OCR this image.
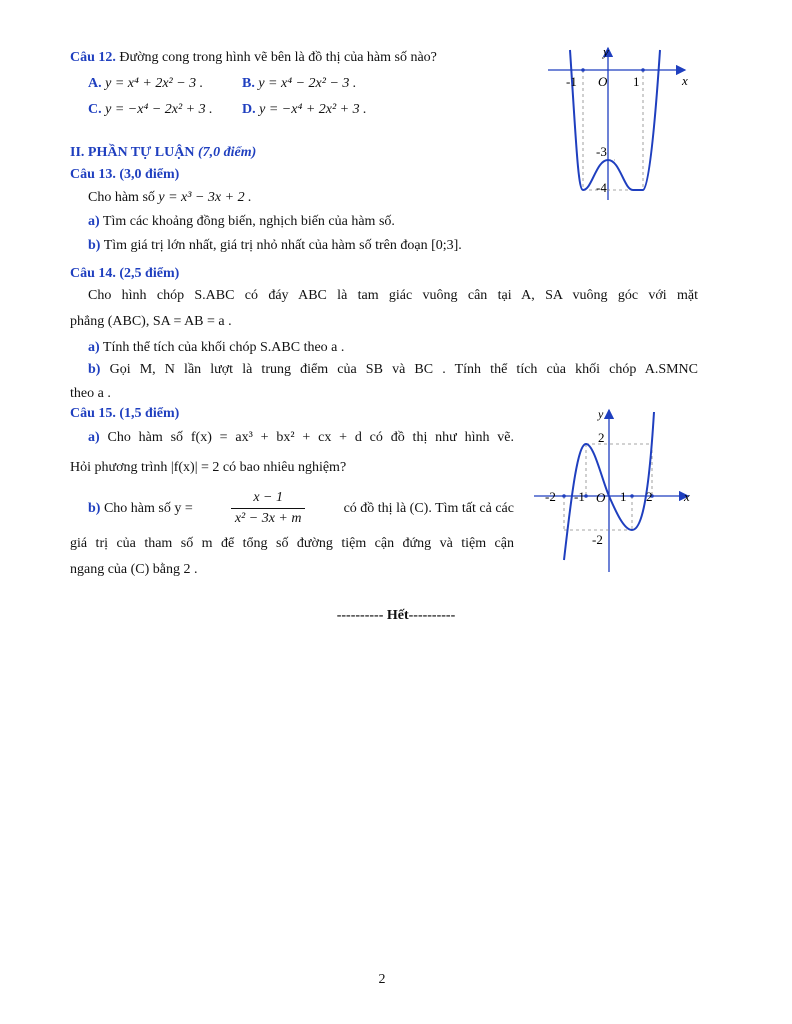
Câu 12. Đường cong trong hình vẽ bên là đồ thị của hàm số nào?
A. y = x⁴ + 2x² − 3 .	B. y = x⁴ − 2x² − 3 .
C. y = −x⁴ − 2x² + 3 . D. y = −x⁴ + 2x² + 3 .
y
x
O
-1	1
-3
-4
II. PHẦN TỰ LUẬN (7,0 điểm)
Câu 13. (3,0 điểm)
Cho hàm số y = x³ − 3x + 2 .
a) Tìm các khoảng đồng biến, nghịch biến của hàm số.
b) Tìm giá trị lớn nhất, giá trị nhỏ nhất của hàm số trên đoạn [0;3].
Câu 14. (2,5 điểm)
Cho hình chóp S.ABC có đáy ABC là tam giác vuông cân tại A, SA vuông góc với mặt
phẳng (ABC), SA = AB = a .
a) Tính thể tích của khối chóp S.ABC theo a .
b) Gọi M, N lần lượt là trung điểm của SB và BC . Tính thể tích của khối chóp A.SMNC
theo a .
Câu 15. (1,5 điểm)
a) Cho hàm số f(x) = ax³ + bx² + cx + d có đồ thị như hình vẽ.
Hỏi phương trình |f(x)| = 2 có bao nhiêu nghiệm?
b) Cho hàm số y =	$\frac{x - 1}{\text{x² − 3x + m}}$	có đồ thị là (C). Tìm tất cả các
giá trị của tham số m để tổng số đường tiệm cận đứng và tiệm cận
ngang của (C) bằng 2 .
y
x
O
-2 -1	1 2
2
-2
---------- Hết----------
2
